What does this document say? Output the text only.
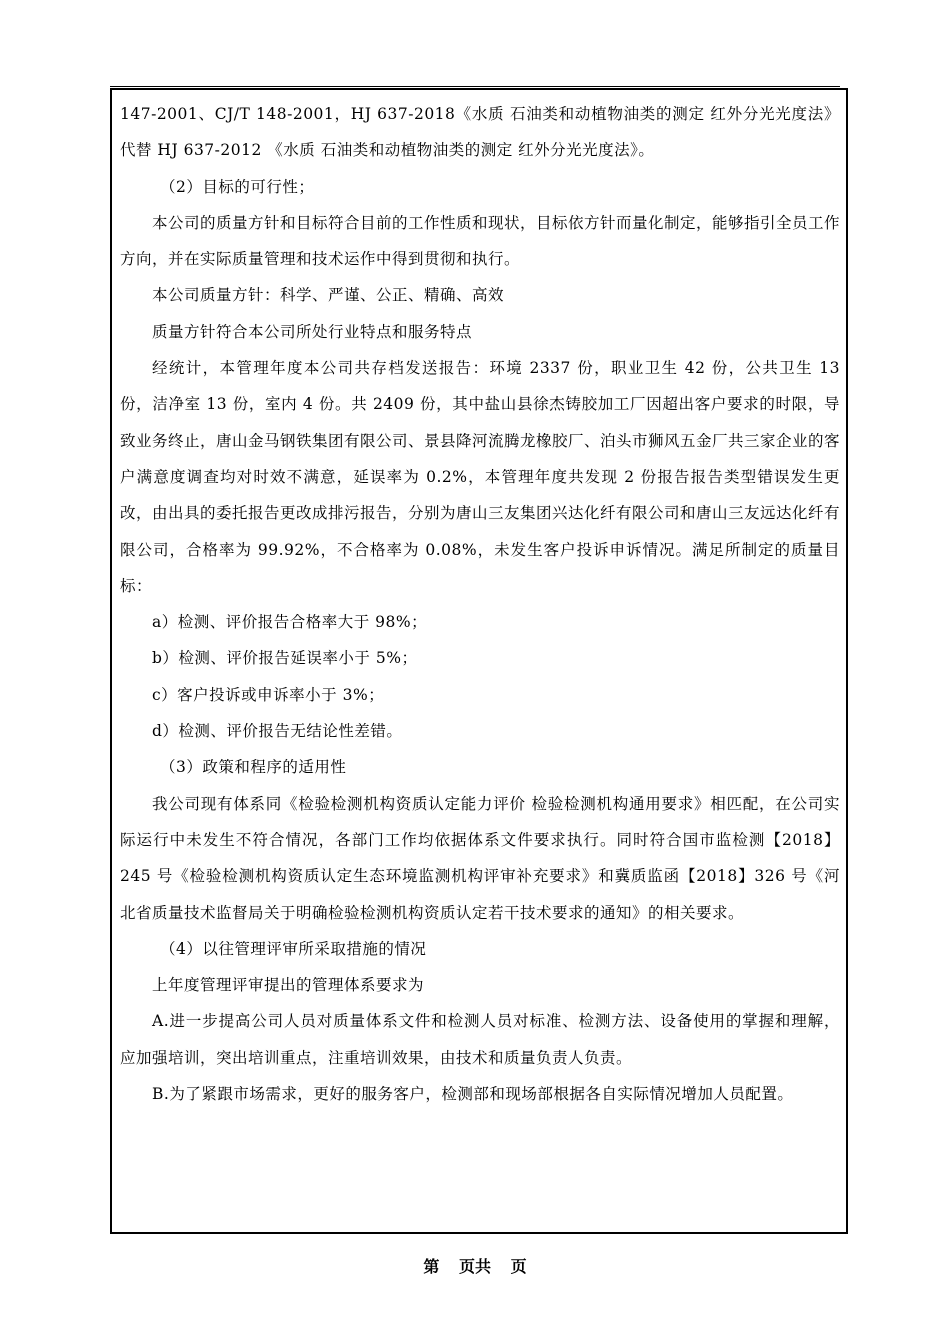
147-2001、CJ/T 148-2001，HJ 637-2018《水质 石油类和动植物油类的测定 红外分光光度法》代替 HJ 637-2012 《水质 石油类和动植物油类的测定 红外分光光度法》。

（2）目标的可行性；

本公司的质量方针和目标符合目前的工作性质和现状，目标依方针而量化制定，能够指引全员工作方向，并在实际质量管理和技术运作中得到贯彻和执行。

本公司质量方针：科学、严谨、公正、精确、高效

质量方针符合本公司所处行业特点和服务特点

经统计，本管理年度本公司共存档发送报告：环境 2337 份，职业卫生 42 份，公共卫生 13 份，洁净室 13 份，室内 4 份。共 2409 份，其中盐山县徐杰铸胶加工厂因超出客户要求的时限，导致业务终止，唐山金马钢铁集团有限公司、景县降河流腾龙橡胶厂、泊头市狮风五金厂共三家企业的客户满意度调查均对时效不满意，延误率为 0.2%，本管理年度共发现 2 份报告报告类型错误发生更改，由出具的委托报告更改成排污报告，分别为唐山三友集团兴达化纤有限公司和唐山三友远达化纤有限公司，合格率为 99.92%，不合格率为 0.08%，未发生客户投诉申诉情况。满足所制定的质量目标：

a）检测、评价报告合格率大于 98%；

b）检测、评价报告延误率小于 5%；

c）客户投诉或申诉率小于 3%；

d）检测、评价报告无结论性差错。

（3）政策和程序的适用性

我公司现有体系同《检验检测机构资质认定能力评价 检验检测机构通用要求》相匹配，在公司实际运行中未发生不符合情况，各部门工作均依据体系文件要求执行。同时符合国市监检测【2018】245 号《检验检测机构资质认定生态环境监测机构评审补充要求》和冀质监函【2018】326 号《河北省质量技术监督局关于明确检验检测机构资质认定若干技术要求的通知》的相关要求。

（4）以往管理评审所采取措施的情况

上年度管理评审提出的管理体系要求为

A.进一步提高公司人员对质量体系文件和检测人员对标准、检测方法、设备使用的掌握和理解，应加强培训，突出培训重点，注重培训效果，由技术和质量负责人负责。

B.为了紧跟市场需求，更好的服务客户，检测部和现场部根据各自实际情况增加人员配置。

第 页共 页
